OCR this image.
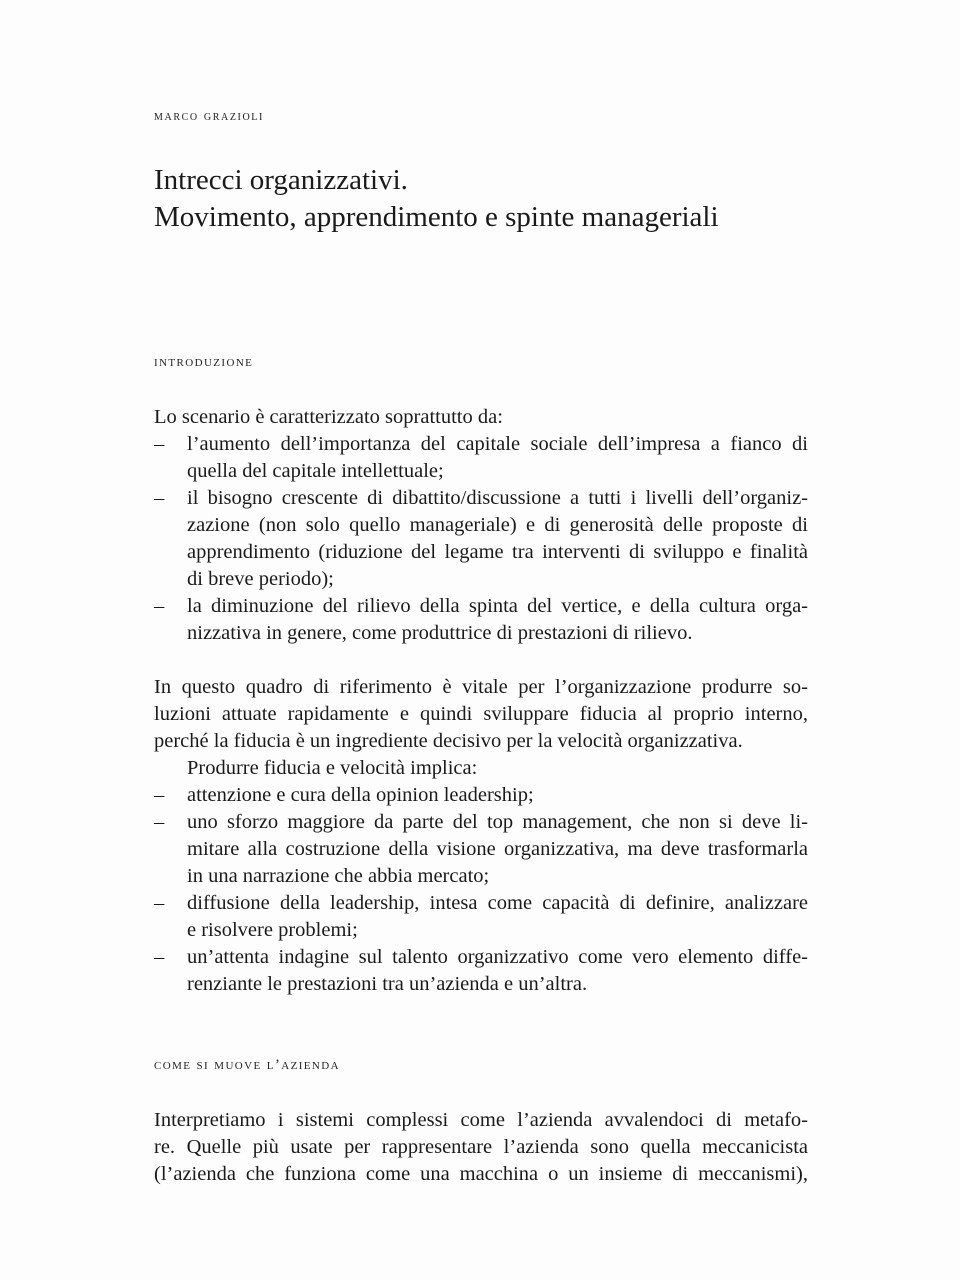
marco grazioli
Intrecci organizzativi.
Movimento, apprendimento e spinte manageriali
introduzione
Lo scenario è caratterizzato soprattutto da:
–	l’aumento dell’importanza del capitale sociale dell’impresa a fianco di
quella del capitale intellettuale;
–	il bisogno crescente di dibattito/discussione a tutti i livelli dell’organiz-
zazione (non solo quello manageriale) e di generosità delle proposte di
apprendimento (riduzione del legame tra interventi di sviluppo e finalità
di breve periodo);
–	la diminuzione del rilievo della spinta del vertice, e della cultura orga-
nizzativa in genere, come produttrice di prestazioni di rilievo.
In questo quadro di riferimento è vitale per l’organizzazione produrre so-
luzioni attuate rapidamente e quindi sviluppare fiducia al proprio interno,
perché la fiducia è un ingrediente decisivo per la velocità organizzativa.
Produrre fiducia e velocità implica:
–	attenzione e cura della opinion leadership;
–	uno sforzo maggiore da parte del top management, che non si deve li-
mitare alla costruzione della visione organizzativa, ma deve trasformarla
in una narrazione che abbia mercato;
–	diffusione della leadership, intesa come capacità di definire, analizzare
e risolvere problemi;
–	un’attenta indagine sul talento organizzativo come vero elemento diffe-
renziante le prestazioni tra un’azienda e un’altra.
come si muove l’azienda
Interpretiamo i sistemi complessi come l’azienda avvalendoci di metafo-
re. Quelle più usate per rappresentare l’azienda sono quella meccanicista
(l’azienda che funziona come una macchina o un insieme di meccanismi),
